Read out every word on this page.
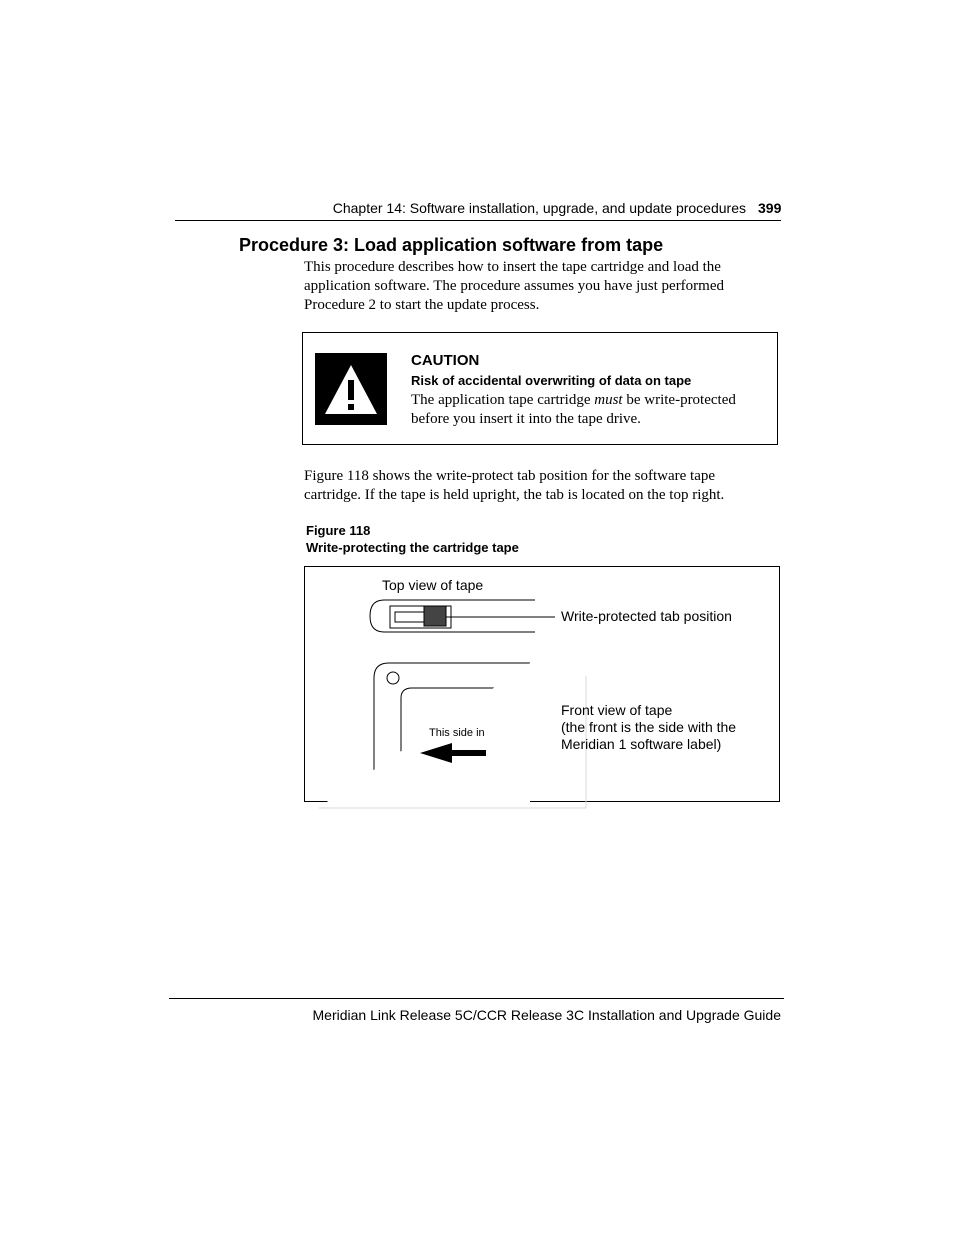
Chapter 14: Software installation, upgrade, and update procedures 399
Procedure 3: Load application software from tape
This procedure describes how to insert the tape cartridge and load the application software. The procedure assumes you have just performed Procedure 2 to start the update process.
CAUTION
Risk of accidental overwriting of data on tape
The application tape cartridge must be write-protected before you insert it into the tape drive.
Figure 118 shows the write-protect tab position for the software tape cartridge. If the tape is held upright, the tab is located on the top right.
Figure 118
Write-protecting the cartridge tape
Top view of tape
Write-protected tab position
This side in
Front view of tape
(the front is the side with the
Meridian 1 software label)
Meridian Link Release 5C/CCR Release 3C Installation and Upgrade Guide
